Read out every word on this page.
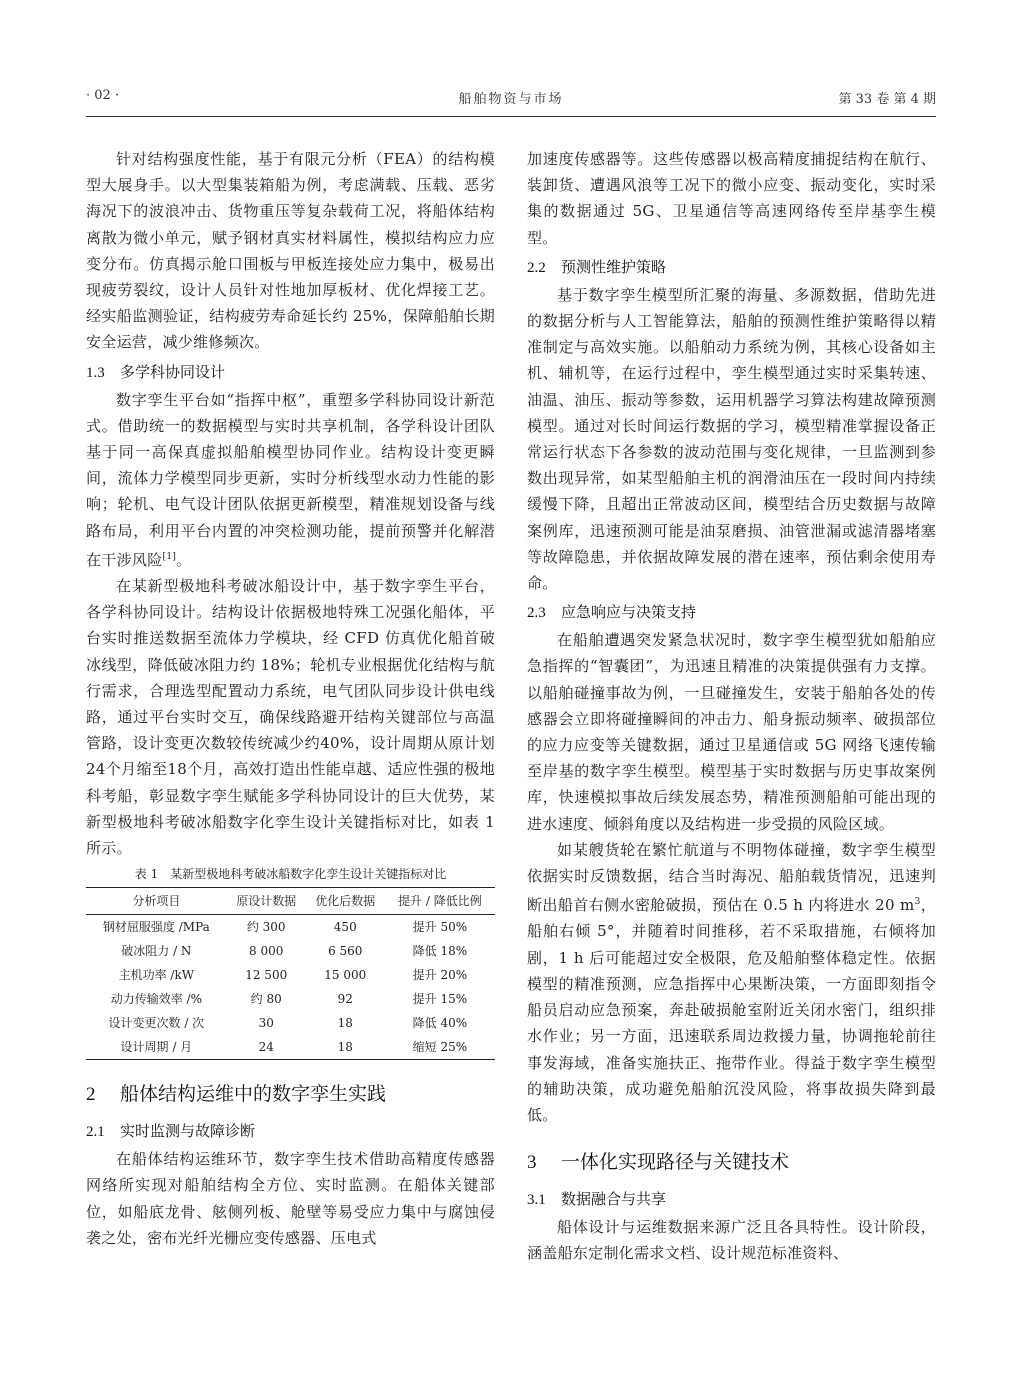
· 02 ·	船舶物资与市场	第 33 卷 第 4 期

针对结构强度性能，基于有限元分析（FEA）的结构模型大展身手。以大型集装箱船为例，考虑满载、压载、恶劣海况下的波浪冲击、货物重压等复杂载荷工况，将船体结构离散为微小单元，赋予钢材真实材料属性，模拟结构应力应变分布。仿真揭示舱口围板与甲板连接处应力集中，极易出现疲劳裂纹，设计人员针对性地加厚板材、优化焊接工艺。经实船监测验证，结构疲劳寿命延长约 25%，保障船舶长期安全运营，减少维修频次。

1.3 多学科协同设计

数字孪生平台如“指挥中枢”，重塑多学科协同设计新范式。借助统一的数据模型与实时共享机制，各学科设计团队基于同一高保真虚拟船舶模型协同作业。结构设计变更瞬间，流体力学模型同步更新，实时分析线型水动力性能的影响；轮机、电气设计团队依据更新模型，精准规划设备与线路布局，利用平台内置的冲突检测功能，提前预警并化解潜在干涉风险[1]。

在某新型极地科考破冰船设计中，基于数字孪生平台，各学科协同设计。结构设计依据极地特殊工况强化船体，平台实时推送数据至流体力学模块，经 CFD 仿真优化船首破冰线型，降低破冰阻力约 18%；轮机专业根据优化结构与航行需求，合理选型配置动力系统，电气团队同步设计供电线路，通过平台实时交互，确保线路避开结构关键部位与高温管路，设计变更次数较传统减少约40%，设计周期从原计划24个月缩至18个月，高效打造出性能卓越、适应性强的极地科考船，彰显数字孪生赋能多学科协同设计的巨大优势，某新型极地科考破冰船数字化孪生设计关键指标对比，如表 1 所示。

表 1　某新型极地科考破冰船数字化孪生设计关键指标对比
分析项目	原设计数据	优化后数据	提升 / 降低比例
钢材屈服强度 /MPa	约 300	450	提升 50%
破冰阻力 / N	8 000	6 560	降低 18%
主机功率 /kW	12 500	15 000	提升 20%
动力传输效率 /%	约 80	92	提升 15%
设计变更次数 / 次	30	18	降低 40%
设计周期 / 月	24	18	缩短 25%
2 船体结构运维中的数字孪生实践
2.1 实时监测与故障诊断

在船体结构运维环节，数字孪生技术借助高精度传感器网络所实现对船舶结构全方位、实时监测。在船体关键部位，如船底龙骨、舷侧列板、舱壁等易受应力集中与腐蚀侵袭之处，密布光纤光栅应变传感器、压电式

加速度传感器等。这些传感器以极高精度捕捉结构在航行、装卸货、遭遇风浪等工况下的微小应变、振动变化，实时采集的数据通过 5G、卫星通信等高速网络传至岸基孪生模型。

2.2 预测性维护策略

基于数字孪生模型所汇聚的海量、多源数据，借助先进的数据分析与人工智能算法，船舶的预测性维护策略得以精准制定与高效实施。以船舶动力系统为例，其核心设备如主机、辅机等，在运行过程中，孪生模型通过实时采集转速、油温、油压、振动等参数，运用机器学习算法构建故障预测模型。通过对长时间运行数据的学习，模型精准掌握设备正常运行状态下各参数的波动范围与变化规律，一旦监测到参数出现异常，如某型船舶主机的润滑油压在一段时间内持续缓慢下降，且超出正常波动区间，模型结合历史数据与故障案例库，迅速预测可能是油泵磨损、油管泄漏或滤清器堵塞等故障隐患，并依据故障发展的潜在速率，预估剩余使用寿命。

2.3 应急响应与决策支持

在船舶遭遇突发紧急状况时，数字孪生模型犹如船舶应急指挥的“智囊团”，为迅速且精准的决策提供强有力支撑。以船舶碰撞事故为例，一旦碰撞发生，安装于船舶各处的传感器会立即将碰撞瞬间的冲击力、船身振动频率、破损部位的应力应变等关键数据，通过卫星通信或 5G 网络飞速传输至岸基的数字孪生模型。模型基于实时数据与历史事故案例库，快速模拟事故后续发展态势，精准预测船舶可能出现的进水速度、倾斜角度以及结构进一步受损的风险区域。

如某艘货轮在繁忙航道与不明物体碰撞，数字孪生模型依据实时反馈数据，结合当时海况、船舶载货情况，迅速判断出船首右侧水密舱破损，预估在 0.5 h 内将进水 20 $m^3$，船舶右倾 5°，并随着时间推移，若不采取措施，右倾将加剧，1 h 后可能超过安全极限，危及船舶整体稳定性。依据模型的精准预测，应急指挥中心果断决策，一方面即刻指令船员启动应急预案，奔赴破损舱室附近关闭水密门，组织排水作业；另一方面，迅速联系周边救援力量，协调拖轮前往事发海域，准备实施扶正、拖带作业。得益于数字孪生模型的辅助决策，成功避免船舶沉没风险，将事故损失降到最低。

3 一体化实现路径与关键技术
3.1 数据融合与共享

船体设计与运维数据来源广泛且各具特性。设计阶段，涵盖船东定制化需求文档、设计规范标准资料、
